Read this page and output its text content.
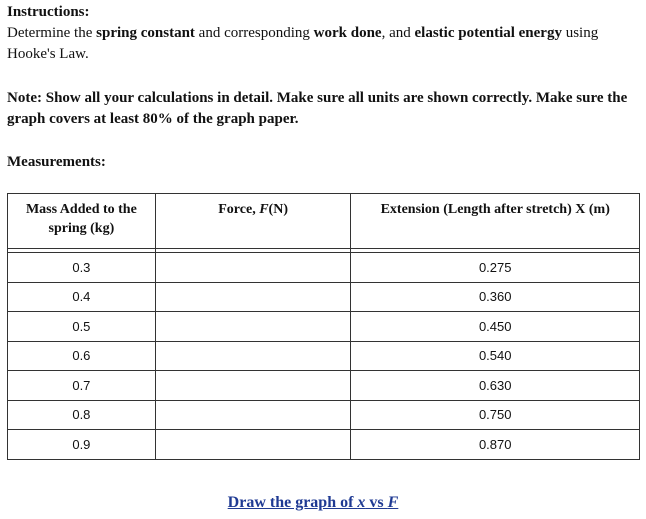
Instructions:

Determine the spring constant and corresponding work done, and elastic potential energy using Hooke's Law.

Note: Show all your calculations in detail. Make sure all units are shown correctly. Make sure the graph covers at least 80% of the graph paper.

Measurements:
Mass Added to the spring (kg)	Force, F(N)	Extension (Length after stretch) X (m)

0.3		0.275
0.4		0.360
0.5		0.450
0.6		0.540
0.7		0.630
0.8		0.750
0.9		0.870

Draw the graph of x vs F
